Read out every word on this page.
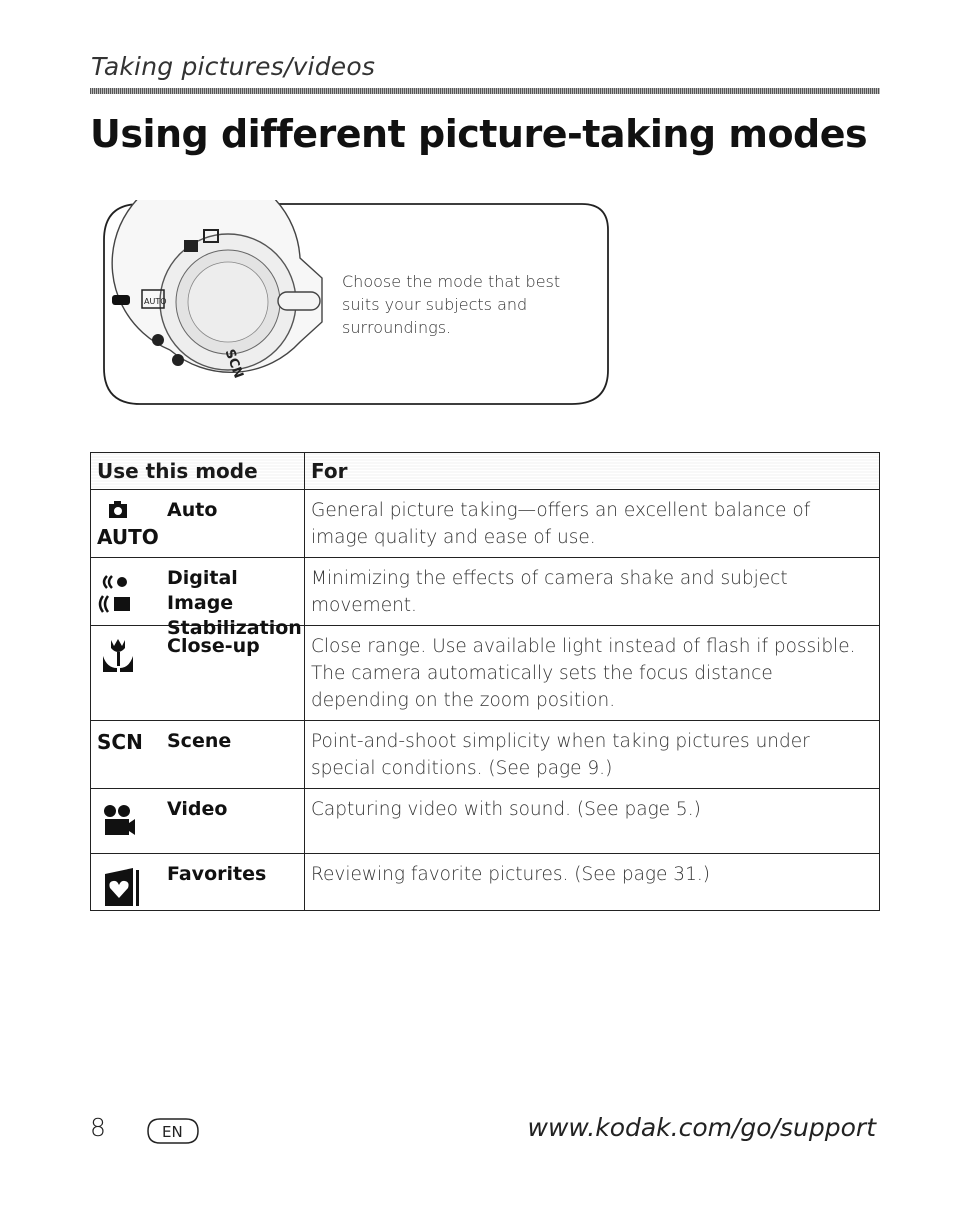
Taking pictures/videos
Using different picture-taking modes
AUTO
SCN
Choose the mode that best suits your subjects and surroundings.
Use this mode	For

AUTO
Auto	General picture taking—offers an excellent balance of image quality and ease of use.

Digital Image Stabilization	Minimizing the effects of camera shake and subject movement.

Close-up	Close range. Use available light instead of flash if possible. The camera automatically sets the focus distance depending on the zoom position.

SCN Scene	Point-and-shoot simplicity when taking pictures under special conditions. (See page 9.)

Video	Capturing video with sound. (See page 5.)

Favorites	Reviewing favorite pictures. (See page 31.)
8	EN	www.kodak.com/go/support
